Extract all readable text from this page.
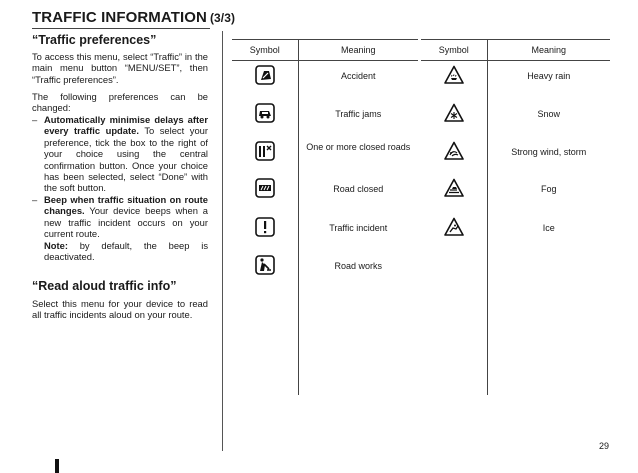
TRAFFIC INFORMATION (3/3)
“Traffic preferences”

To access this menu, select “Traffic” in the main menu button “MENU/SET”, then “Traffic preferences”.

The following preferences can be changed:

– Automatically minimise delays after every traffic update. To select your preference, tick the box to the right of your choice using the central confirmation button. Once your choice has been selected, select “Done” with the soft button.
– Beep when traffic situation on route changes. Your device beeps when a new traffic incident occurs on your current route.

Note: by default, the beep is deactivated.

“Read aloud traffic info”

Select this menu for your device to read all traffic incidents aloud on your route.

Symbol	Meaning
	Accident
	Traffic jams
	One or more closed roads
	Road closed
	Traffic incident
	Road works

Symbol	Meaning
	Heavy rain
	Snow
	Strong wind, storm
	Fog
	Ice

29
